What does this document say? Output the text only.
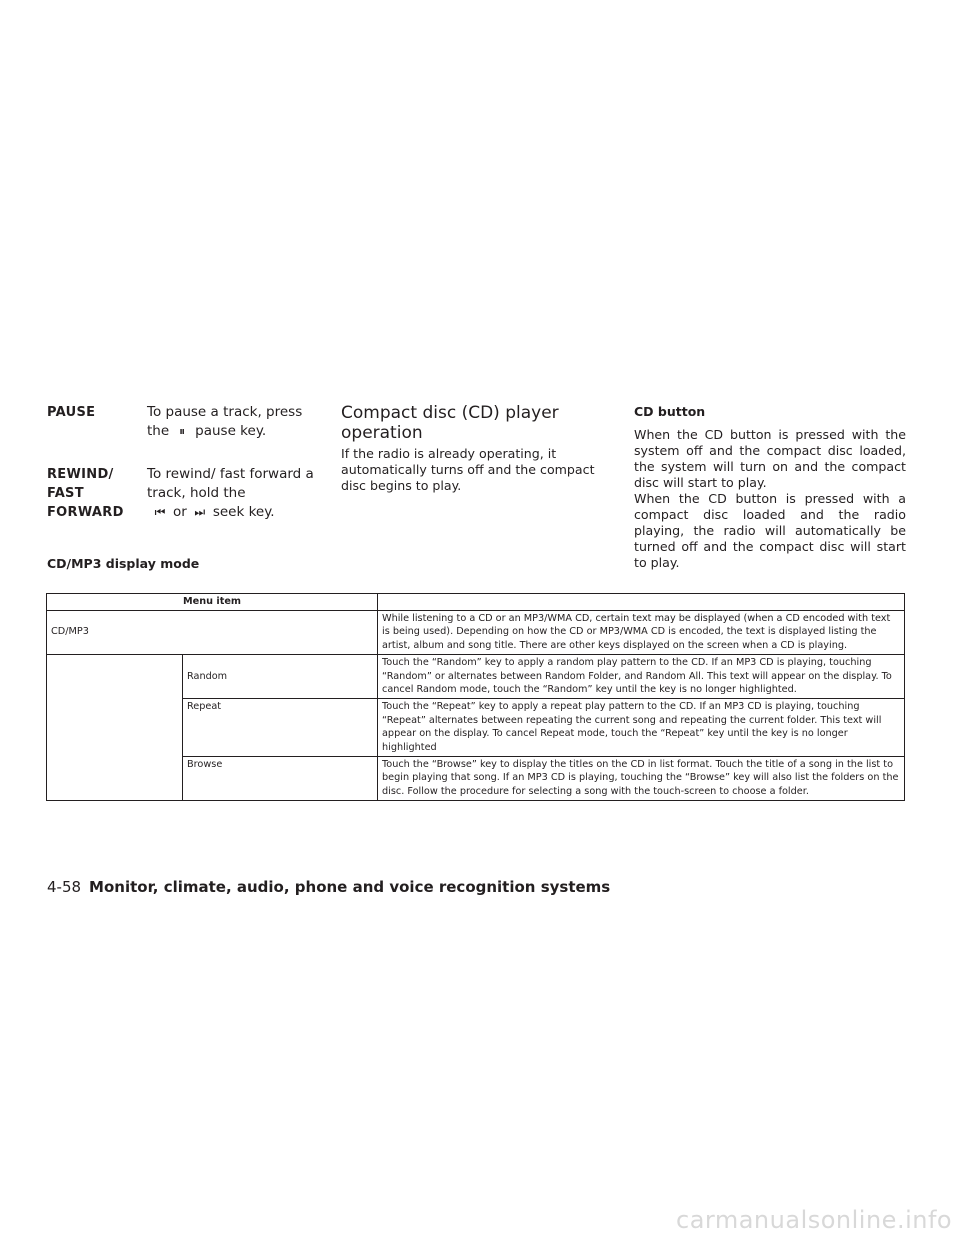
PAUSE	To pause a track, press the ⏸ pause key.
REWIND/
FAST
FORWARD
To rewind/ fast forward a track, hold the
⏮ or ⏭ seek key.
Compact disc (CD) player operation
If the radio is already operating, it automatically turns off and the compact disc begins to play.
CD button
When the CD button is pressed with the system off and the compact disc loaded, the system will turn on and the compact disc will start to play.
When the CD button is pressed with a compact disc loaded and the radio playing, the radio will automatically be turned off and the compact disc will start to play.
CD/MP3 display mode
Menu item		
CD/MP3		While listening to a CD or an MP3/WMA CD, certain text may be displayed (when a CD encoded with text is being used). Depending on how the CD or MP3/WMA CD is encoded, the text is displayed listing the artist, album and song title. There are other keys displayed on the screen when a CD is playing.
	Random	Touch the “Random” key to apply a random play pattern to the CD. If an MP3 CD is playing, touching “Random” or alternates between Random Folder, and Random All. This text will appear on the display. To cancel Random mode, touch the “Random” key until the key is no longer highlighted.
	Repeat	Touch the “Repeat” key to apply a repeat play pattern to the CD. If an MP3 CD is playing, touching “Repeat” alternates between repeating the current song and repeating the current folder. This text will appear on the display. To cancel Repeat mode, touch the “Repeat” key until the key is no longer highlighted
	Browse	Touch the “Browse” key to display the titles on the CD in list format. Touch the title of a song in the list to begin playing that song. If an MP3 CD is playing, touching the “Browse” key will also list the folders on the disc. Follow the procedure for selecting a song with the touch-screen to choose a folder.
4-58 Monitor, climate, audio, phone and voice recognition systems
carmanualsonline.info
